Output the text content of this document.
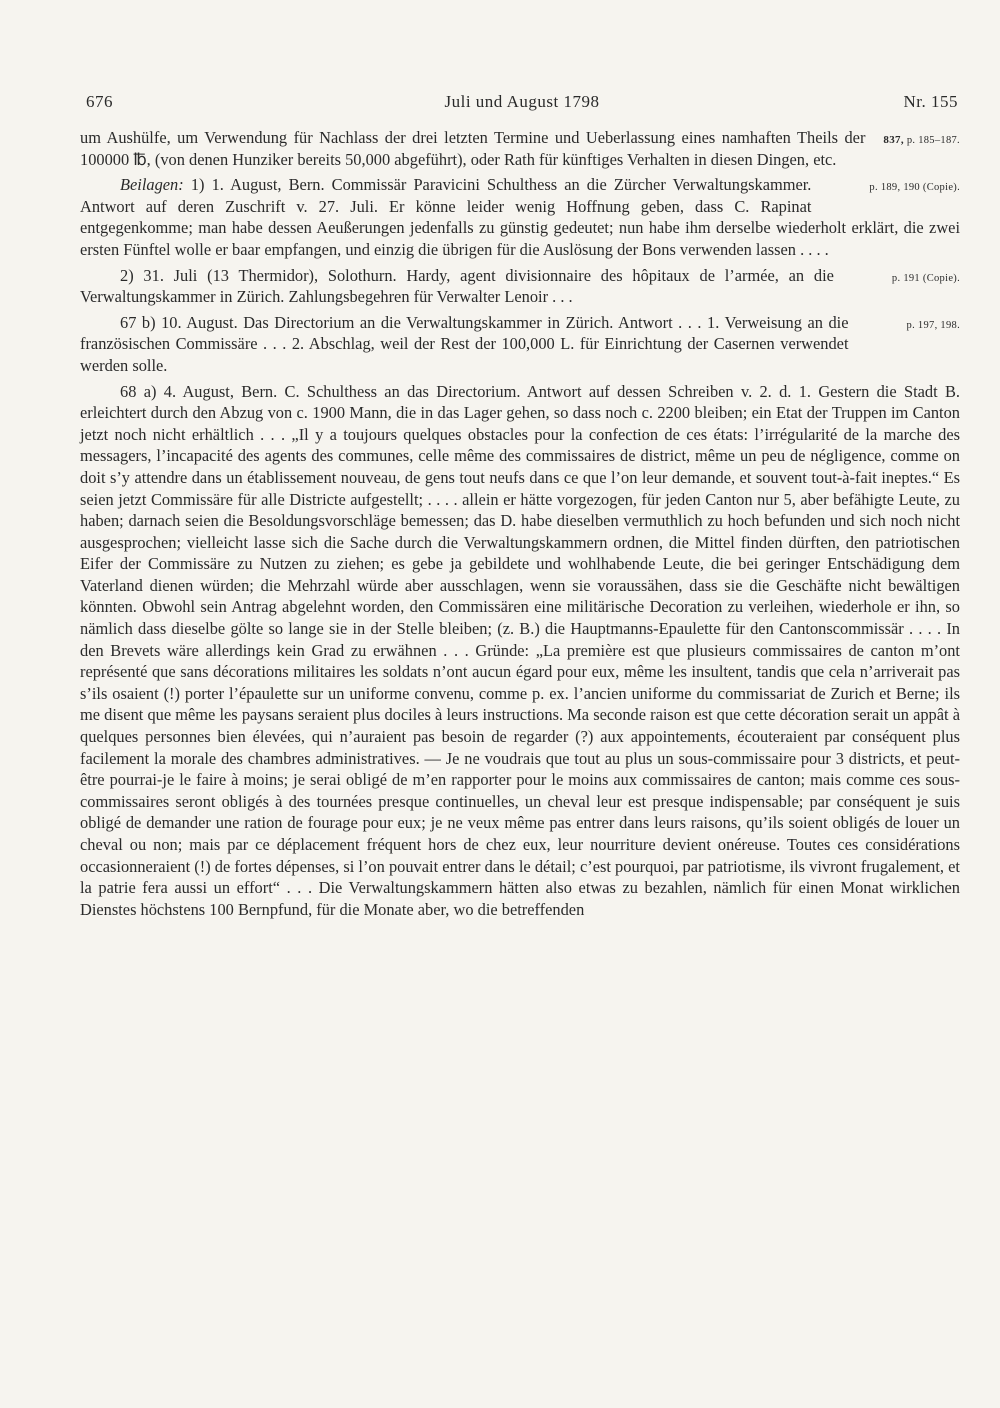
676	Juli und August 1798	Nr. 155

837, p. 185–187.
um Aushülfe, um Verwendung für Nachlass der drei letzten Termine und Ueberlassung eines namhaften Theils der 100000 ℔, (von denen Hunziker bereits 50,000 abgeführt), oder Rath für künftiges Verhalten in diesen Dingen, etc.

p. 189, 190 (Copie).
Beilagen: 1) 1. August, Bern. Commissär Paravicini Schulthess an die Zürcher Verwaltungskammer. Antwort auf deren Zuschrift v. 27. Juli. Er könne leider wenig Hoffnung geben, dass C. Rapinat entgegenkomme; man habe dessen Aeußerungen jedenfalls zu günstig gedeutet; nun habe ihm derselbe wiederholt erklärt, die zwei ersten Fünftel wolle er baar empfangen, und einzig die übrigen für die Auslösung der Bons verwenden lassen . . . .

p. 191 (Copie).
2) 31. Juli (13 Thermidor), Solothurn. Hardy, agent divisionnaire des hôpitaux de l’armée, an die Verwaltungskammer in Zürich. Zahlungsbegehren für Verwalter Lenoir . . .

p. 197, 198.
67 b) 10. August. Das Directorium an die Verwaltungskammer in Zürich. Antwort . . . 1. Verweisung an die französischen Commissäre . . . 2. Abschlag, weil der Rest der 100,000 L. für Einrichtung der Casernen verwendet werden solle.

68 a) 4. August, Bern. C. Schulthess an das Directorium. Antwort auf dessen Schreiben v. 2. d. 1. Gestern die Stadt B. erleichtert durch den Abzug von c. 1900 Mann, die in das Lager gehen, so dass noch c. 2200 bleiben; ein Etat der Truppen im Canton jetzt noch nicht erhältlich . . . „Il y a toujours quelques obstacles pour la confection de ces états: l’irrégularité de la marche des messagers, l’incapacité des agents des communes, celle même des commissaires de district, même un peu de négligence, comme on doit s’y attendre dans un établissement nouveau, de gens tout neufs dans ce que l’on leur demande, et souvent tout-à-fait ineptes.“ Es seien jetzt Commissäre für alle Districte aufgestellt; . . . . allein er hätte vorgezogen, für jeden Canton nur 5, aber befähigte Leute, zu haben; darnach seien die Besoldungsvorschläge bemessen; das D. habe dieselben vermuthlich zu hoch befunden und sich noch nicht ausgesprochen; vielleicht lasse sich die Sache durch die Verwaltungskammern ordnen, die Mittel finden dürften, den patriotischen Eifer der Commissäre zu Nutzen zu ziehen; es gebe ja gebildete und wohlhabende Leute, die bei geringer Entschädigung dem Vaterland dienen würden; die Mehrzahl würde aber ausschlagen, wenn sie voraussähen, dass sie die Geschäfte nicht bewältigen könnten. Obwohl sein Antrag abgelehnt worden, den Commissären eine militärische Decoration zu verleihen, wiederhole er ihn, so nämlich dass dieselbe gölte so lange sie in der Stelle bleiben; (z. B.) die Hauptmanns-Epaulette für den Cantonscommissär . . . . In den Brevets wäre allerdings kein Grad zu erwähnen . . . Gründe: „La première est que plusieurs commissaires de canton m’ont représenté que sans décorations militaires les soldats n’ont aucun égard pour eux, même les insultent, tandis que cela n’arriverait pas s’ils osaient (!) porter l’épaulette sur un uniforme convenu, comme p. ex. l’ancien uniforme du commissariat de Zurich et Berne; ils me disent que même les paysans seraient plus dociles à leurs instructions. Ma seconde raison est que cette décoration serait un appât à quelques personnes bien élevées, qui n’auraient pas besoin de regarder (?) aux appointements, écouteraient par conséquent plus facilement la morale des chambres administratives. — Je ne voudrais que tout au plus un sous-commissaire pour 3 districts, et peut-être pourrai-je le faire à moins; je serai obligé de m’en rapporter pour le moins aux commissaires de canton; mais comme ces sous-commissaires seront obligés à des tournées presque continuelles, un cheval leur est presque indispensable; par conséquent je suis obligé de demander une ration de fourage pour eux; je ne veux même pas entrer dans leurs raisons, qu’ils soient obligés de louer un cheval ou non; mais par ce déplacement fréquent hors de chez eux, leur nourriture devient onéreuse. Toutes ces considérations occasionneraient (!) de fortes dépenses, si l’on pouvait entrer dans le détail; c’est pourquoi, par patriotisme, ils vivront frugalement, et la patrie fera aussi un effort“ . . . Die Verwaltungskammern hätten also etwas zu bezahlen, nämlich für einen Monat wirklichen Dienstes höchstens 100 Bernpfund, für die Monate aber, wo die betreffenden
